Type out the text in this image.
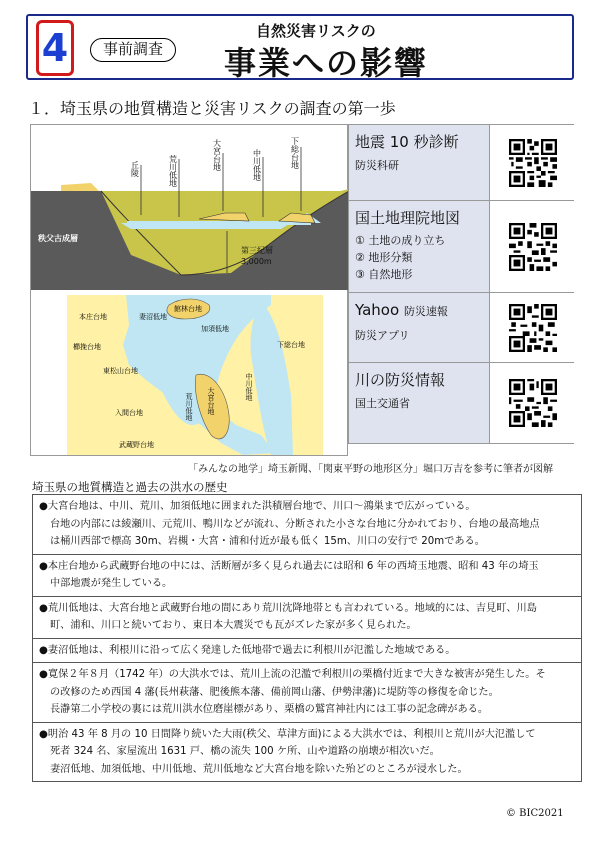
4	事前調査
自然災害リスクの
事業への影響
１．埼玉県の地質構造と災害リスクの調査の第一歩
秩父古成層
第三紀層
3,000m
丘陵	荒川低地	大宮台地	中川低地	下総台地
本庄台地	妻沼低地
館林台地
加須低地
櫛挽台地	下総台地
東松山台地
中川低地
大宮台地
荒川低地
入間台地
武蔵野台地
地震 10 秒診断
防災科研
国土地理院地図
① 土地の成り立ち
② 地形分類
③ 自然地形
Yahoo 防災速報
防災アプリ
川の防災情報
国土交通省
「みんなの地学」埼玉新聞、「関東平野の地形区分」堀口万吉を参考に筆者が図解
埼玉県の地質構造と過去の洪水の歴史
●大宮台地は、中川、荒川、加須低地に囲まれた洪積層台地で、川口～鴻巣まで広がっている。
台地の内部には綾瀬川、元荒川、鴨川などが流れ、分断された小さな台地に分かれており、台地の最高地点
は桶川西部で標高 30m、岩槻・大宮・浦和付近が最も低く 15m、川口の安行で 20mである。
●本庄台地から武蔵野台地の中には、活断層が多く見られ過去には昭和 6 年の西埼玉地震、昭和 43 年の埼玉
中部地震が発生している。
●荒川低地は、大宮台地と武蔵野台地の間にあり荒川沈降地帯とも言われている。地域的には、吉見町、川島
町、浦和、川口と続いており、東日本大震災でも瓦がズレた家が多く見られた。
●妻沼低地は、利根川に沿って広く発達した低地帯で過去に利根川が氾濫した地域である。
●寛保２年８月（1742 年）の大洪水では、荒川上流の氾濫で利根川の栗橋付近まで大きな被害が発生した。そ
の改修のため西国 4 藩(長州萩藩、肥後熊本藩、備前岡山藩、伊勢津藩)に堤防等の修復を命じた。
長瀞第二小学校の裏には荒川洪水位磨崖標があり、栗橋の鷲宮神社内には工事の記念碑がある。
●明治 43 年 8 月の 10 日間降り続いた大雨(秩父、草津方面)による大洪水では、利根川と荒川が大氾濫して
死者 324 名、家屋流出 1631 戸、橋の流失 100 ケ所、山や道路の崩壊が相次いだ。
妻沼低地、加須低地、中川低地、荒川低地など大宮台地を除いた殆どのところが浸水した。
© BIC2021
